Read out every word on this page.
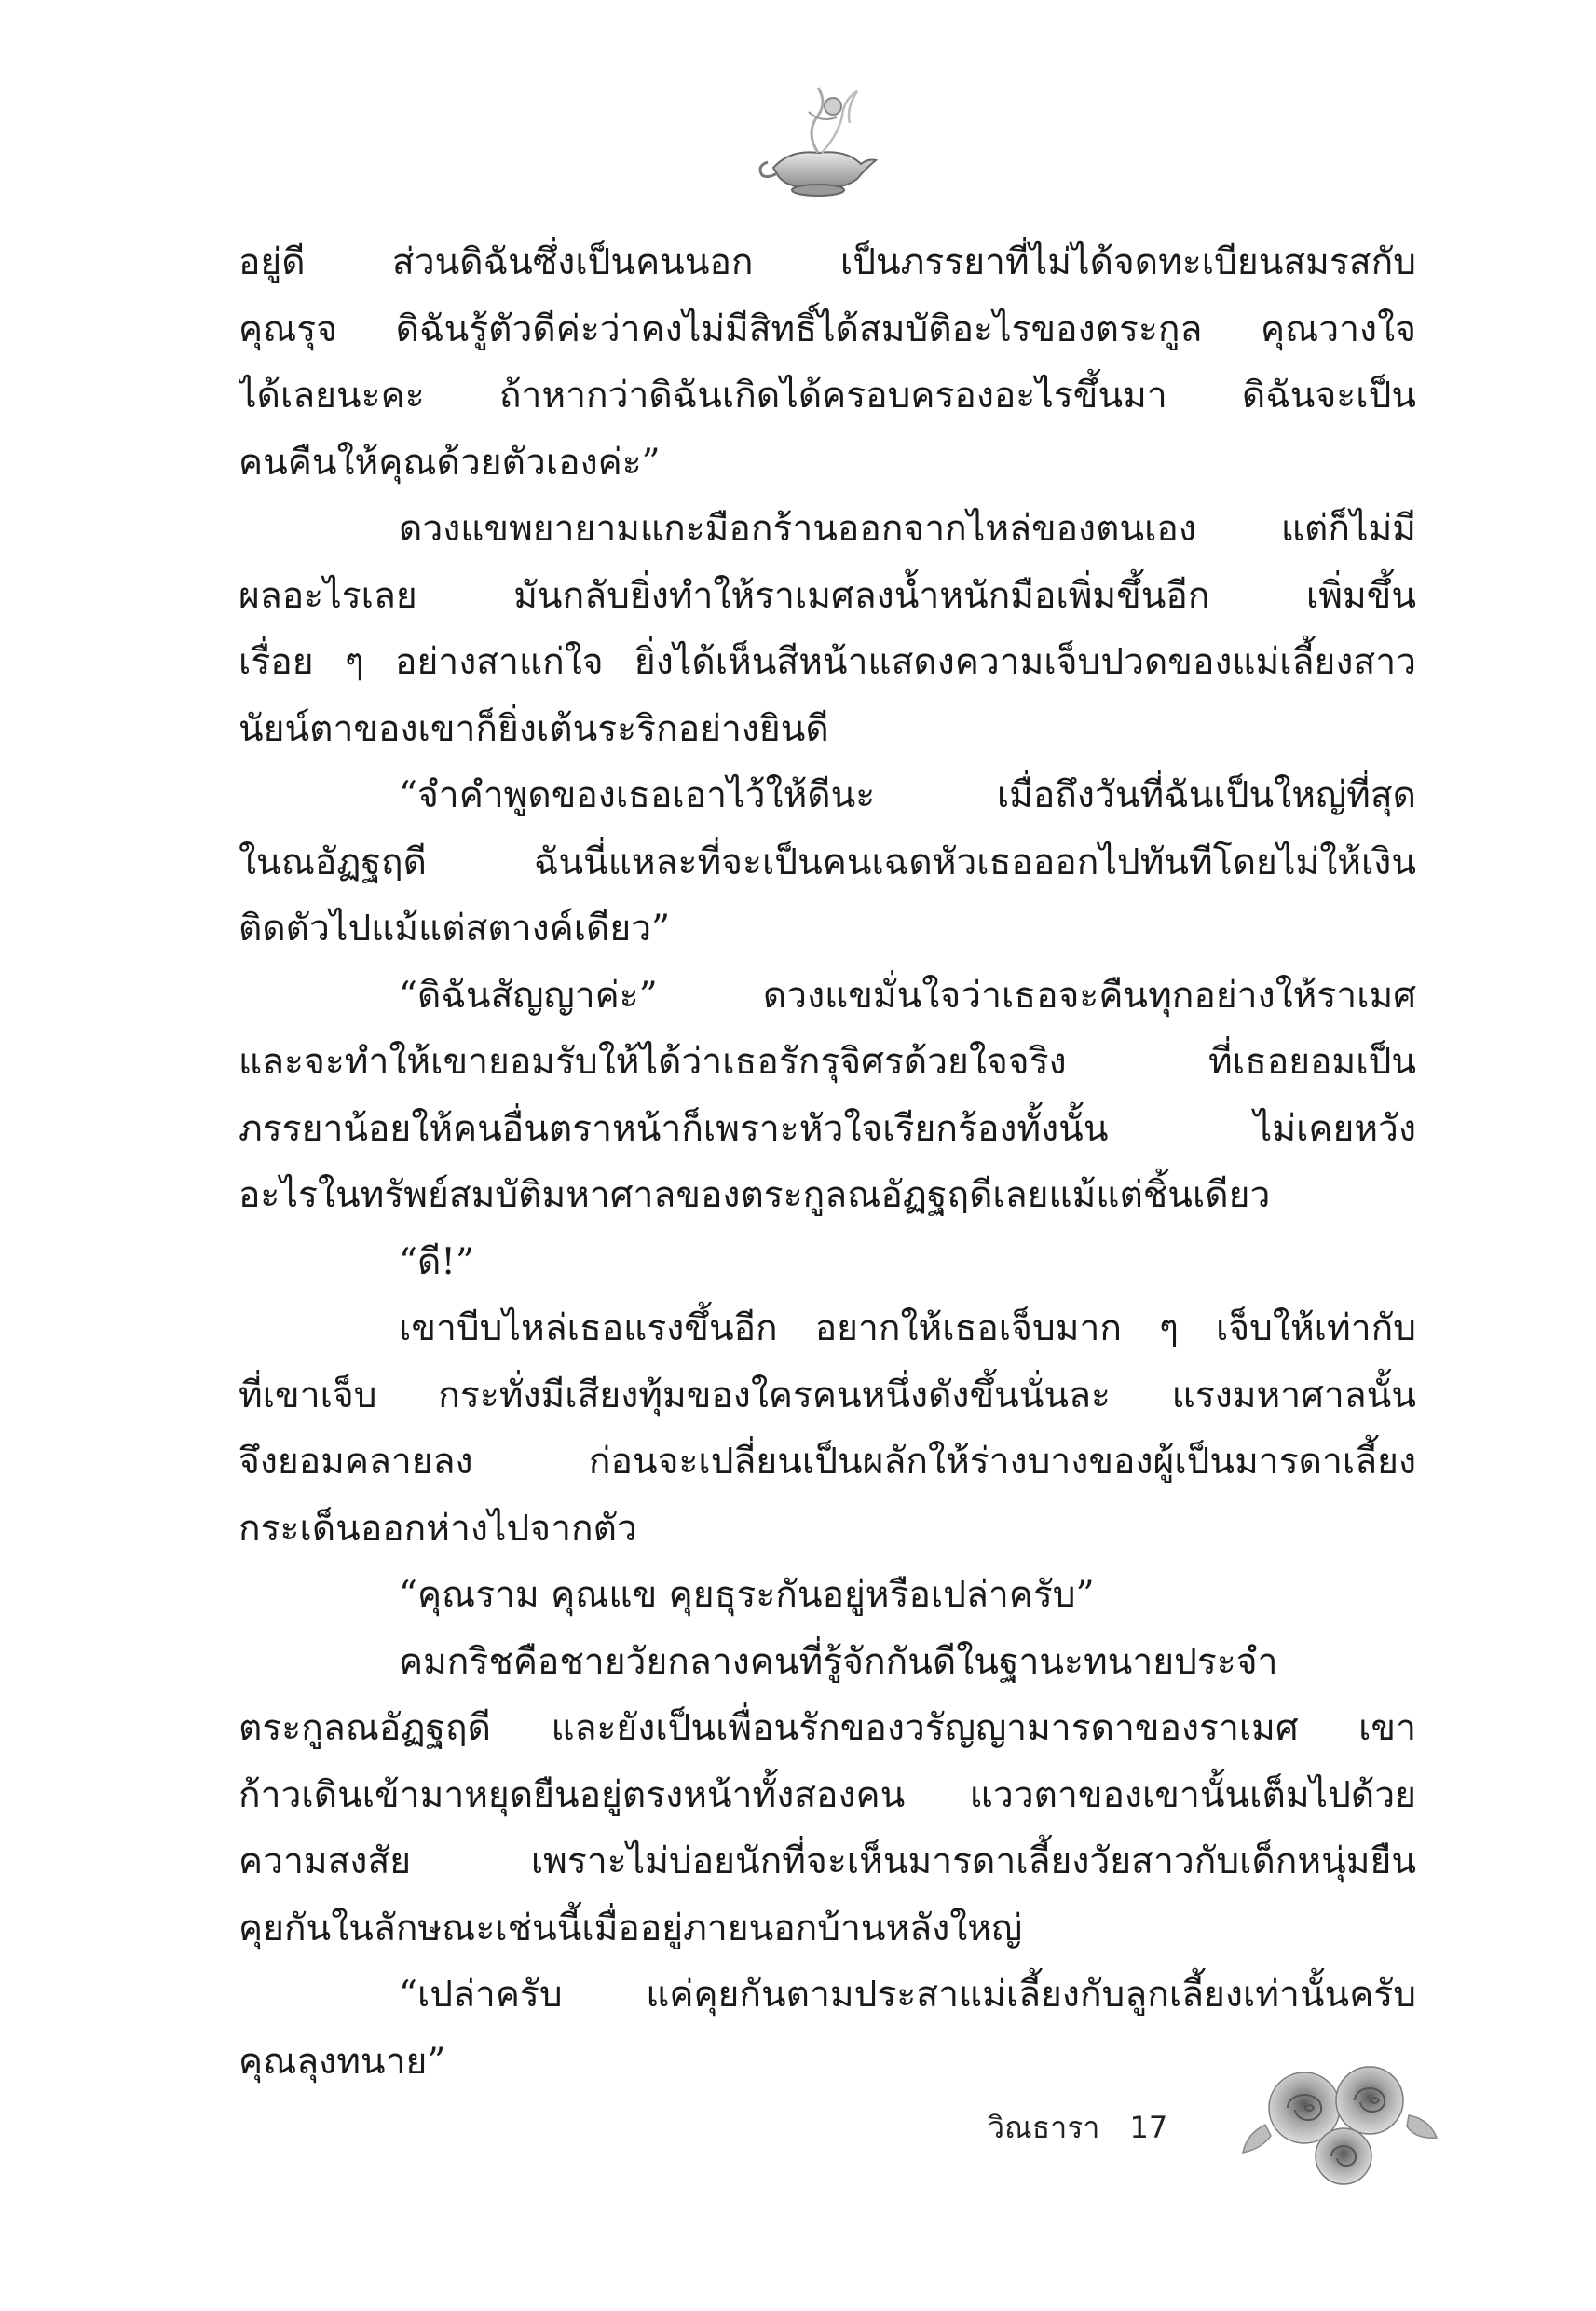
อยู่ดี ส่วนดิฉันซึ่งเป็นคนนอก เป็นภรรยาที่ไม่ได้จดทะเบียนสมรสกับ
คุณรุจ ดิฉันรู้ตัวดีค่ะว่าคงไม่มีสิทธิ์ได้สมบัติอะไรของตระกูล คุณวางใจ
ได้เลยนะคะ ถ้าหากว่าดิฉันเกิดได้ครอบครองอะไรขึ้นมา ดิฉันจะเป็น
คนคืนให้คุณด้วยตัวเองค่ะ”
ดวงแขพยายามแกะมือกร้านออกจากไหล่ของตนเอง แต่ก็ไม่มี
ผลอะไรเลย มันกลับยิ่งทำให้ราเมศลงน้ำหนักมือเพิ่มขึ้นอีก เพิ่มขึ้น
เรื่อย ๆ อย่างสาแก่ใจ ยิ่งได้เห็นสีหน้าแสดงความเจ็บปวดของแม่เลี้ยงสาว
นัยน์ตาของเขาก็ยิ่งเต้นระริกอย่างยินดี
“จำคำพูดของเธอเอาไว้ให้ดีนะ เมื่อถึงวันที่ฉันเป็นใหญ่ที่สุด
ในณอัฏฐฤดี ฉันนี่แหละที่จะเป็นคนเฉดหัวเธอออกไปทันทีโดยไม่ให้เงิน
ติดตัวไปแม้แต่สตางค์เดียว”
“ดิฉันสัญญาค่ะ” ดวงแขมั่นใจว่าเธอจะคืนทุกอย่างให้ราเมศ
และจะทำให้เขายอมรับให้ได้ว่าเธอรักรุจิศรด้วยใจจริง ที่เธอยอมเป็น
ภรรยาน้อยให้คนอื่นตราหน้าก็เพราะหัวใจเรียกร้องทั้งนั้น ไม่เคยหวัง
อะไรในทรัพย์สมบัติมหาศาลของตระกูลณอัฏฐฤดีเลยแม้แต่ชิ้นเดียว
“ดี!”
เขาบีบไหล่เธอแรงขึ้นอีก อยากให้เธอเจ็บมาก ๆ เจ็บให้เท่ากับ
ที่เขาเจ็บ กระทั่งมีเสียงทุ้มของใครคนหนึ่งดังขึ้นนั่นละ แรงมหาศาลนั้น
จึงยอมคลายลง ก่อนจะเปลี่ยนเป็นผลักให้ร่างบางของผู้เป็นมารดาเลี้ยง
กระเด็นออกห่างไปจากตัว
“คุณราม คุณแข คุยธุระกันอยู่หรือเปล่าครับ”
คมกริชคือชายวัยกลางคนที่รู้จักกันดีในฐานะทนายประจำ
ตระกูลณอัฏฐฤดี และยังเป็นเพื่อนรักของวรัญญามารดาของราเมศ เขา
ก้าวเดินเข้ามาหยุดยืนอยู่ตรงหน้าทั้งสองคน แววตาของเขานั้นเต็มไปด้วย
ความสงสัย เพราะไม่บ่อยนักที่จะเห็นมารดาเลี้ยงวัยสาวกับเด็กหนุ่มยืน
คุยกันในลักษณะเช่นนี้เมื่ออยู่ภายนอกบ้านหลังใหญ่
“เปล่าครับ แค่คุยกันตามประสาแม่เลี้ยงกับลูกเลี้ยงเท่านั้นครับ
คุณลุงทนาย”
วิณธารา 17
